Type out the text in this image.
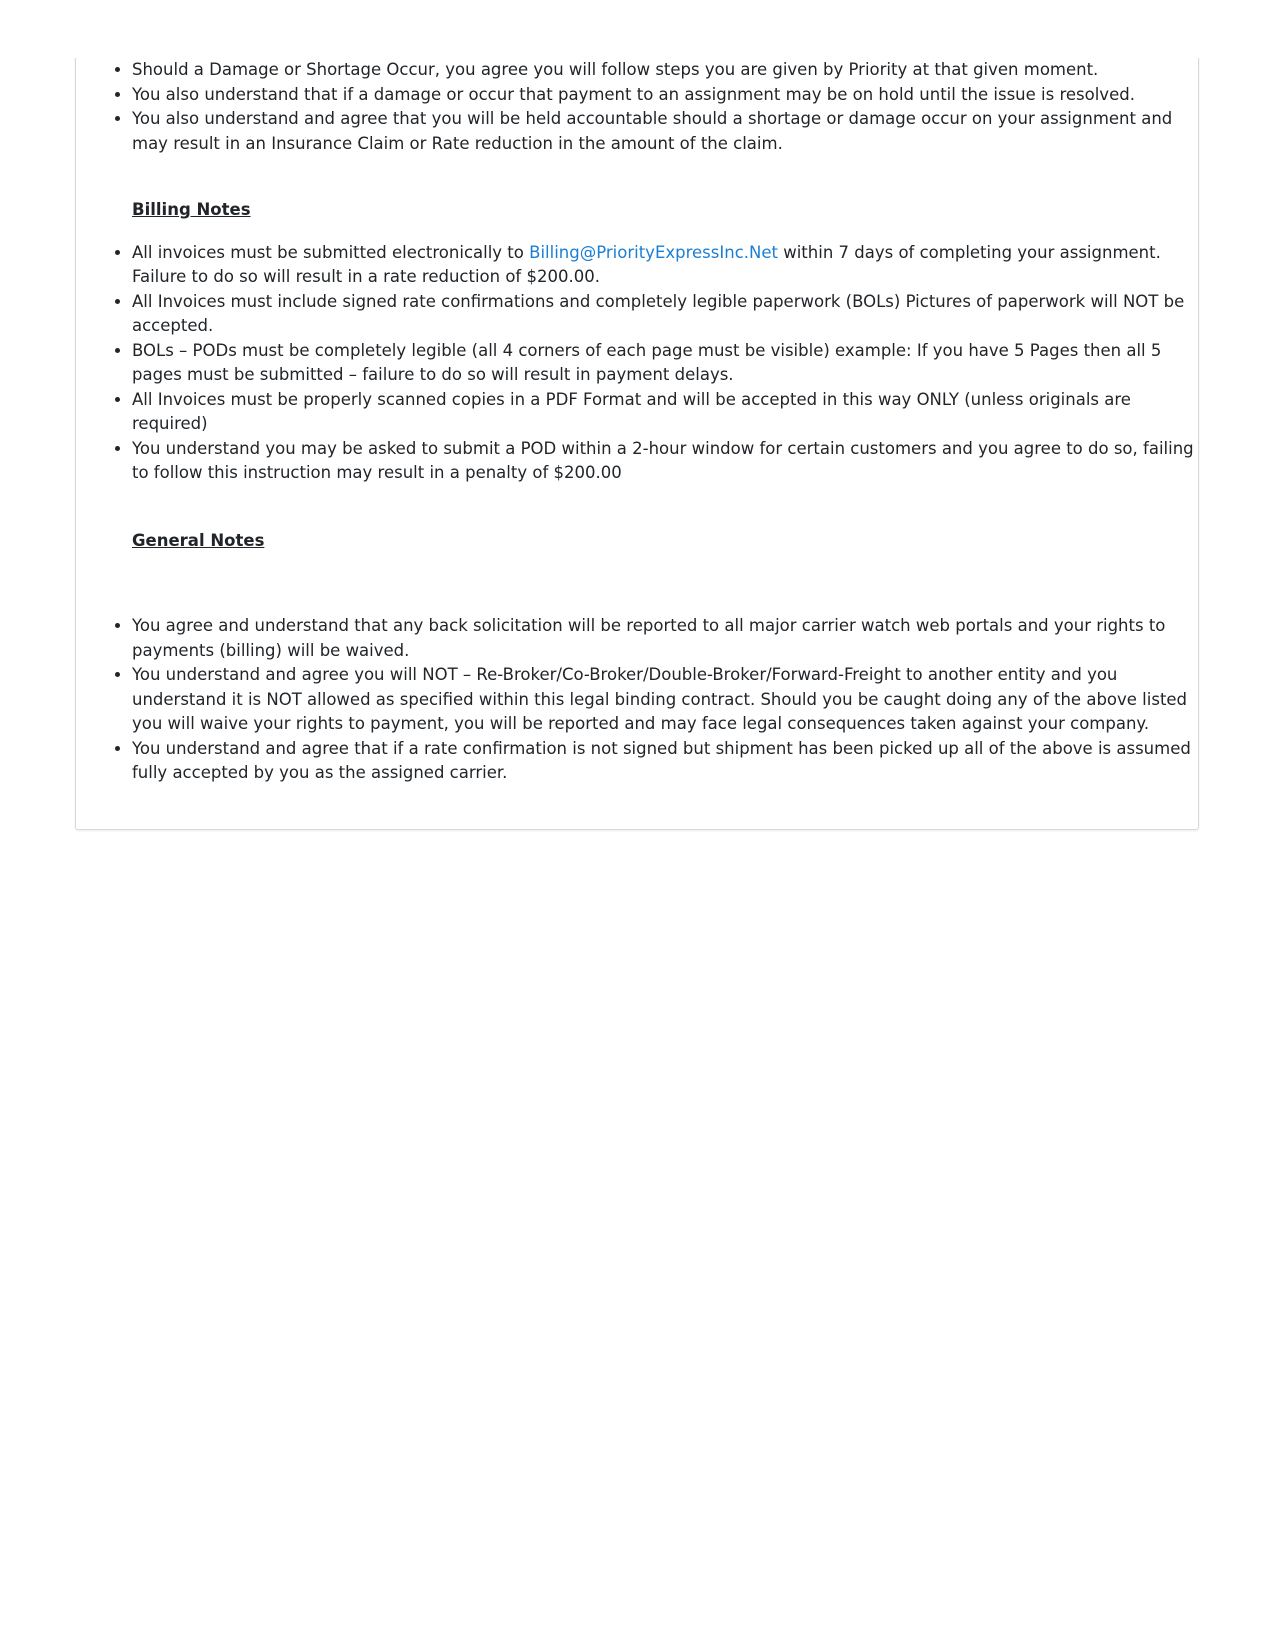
• Should a Damage or Shortage Occur, you agree you will follow steps you are given by Priority at that given moment.
• You also understand that if a damage or occur that payment to an assignment may be on hold until the issue is resolved.
• You also understand and agree that you will be held accountable should a shortage or damage occur on your assignment and may result in an Insurance Claim or Rate reduction in the amount of the claim.
Billing Notes
• All invoices must be submitted electronically to Billing@PriorityExpressInc.Net within 7 days of completing your assignment. Failure to do so will result in a rate reduction of $200.00.
• All Invoices must include signed rate confirmations and completely legible paperwork (BOLs) Pictures of paperwork will NOT be accepted.
• BOLs – PODs must be completely legible (all 4 corners of each page must be visible) example: If you have 5 Pages then all 5 pages must be submitted – failure to do so will result in payment delays.
• All Invoices must be properly scanned copies in a PDF Format and will be accepted in this way ONLY (unless originals are required)
• You understand you may be asked to submit a POD within a 2-hour window for certain customers and you agree to do so, failing to follow this instruction may result in a penalty of $200.00
General Notes
• You agree and understand that any back solicitation will be reported to all major carrier watch web portals and your rights to payments (billing) will be waived.
• You understand and agree you will NOT – Re-Broker/Co-Broker/Double-Broker/Forward-Freight to another entity and you understand it is NOT allowed as specified within this legal binding contract. Should you be caught doing any of the above listed you will waive your rights to payment, you will be reported and may face legal consequences taken against your company.
• You understand and agree that if a rate confirmation is not signed but shipment has been picked up all of the above is assumed fully accepted by you as the assigned carrier.
